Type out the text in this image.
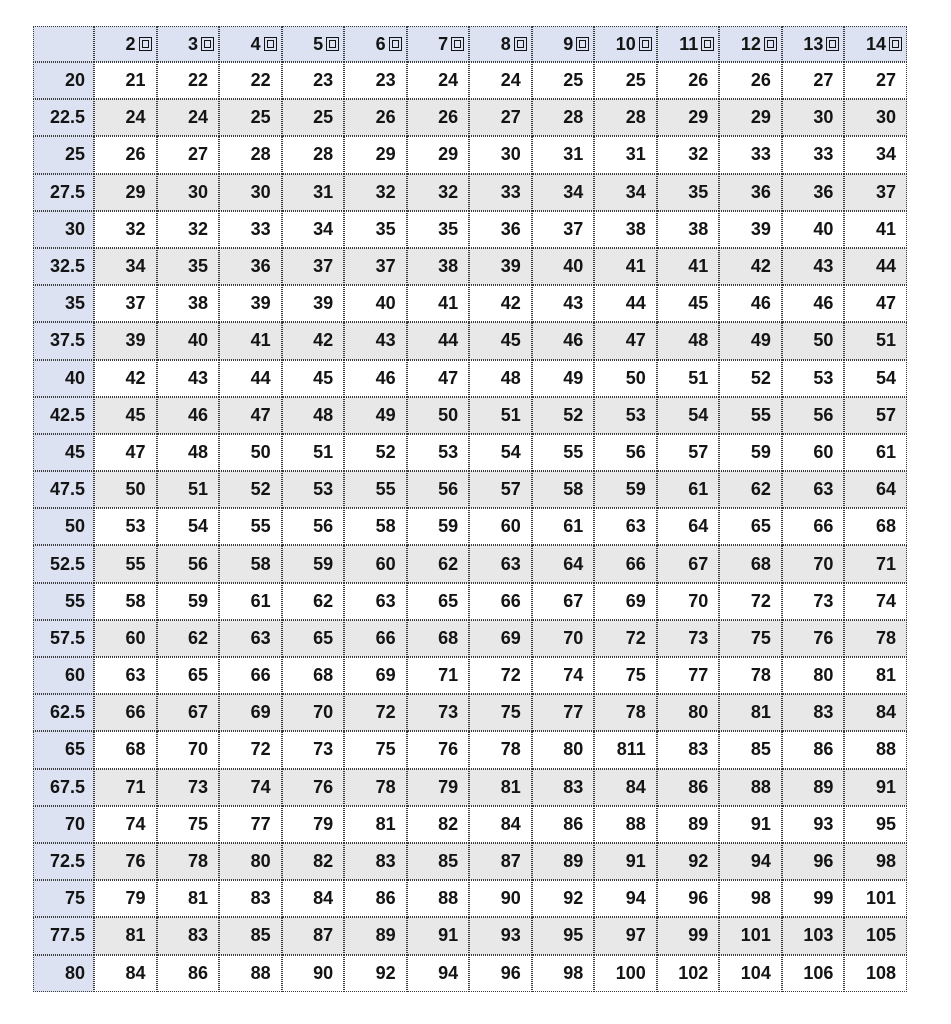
	2	3	4	5	6	7	8	9	10	11	12	13	14
20	21	22	22	23	23	24	24	25	25	26	26	27	27
22.5	24	24	25	25	26	26	27	28	28	29	29	30	30
25	26	27	28	28	29	29	30	31	31	32	33	33	34
27.5	29	30	30	31	32	32	33	34	34	35	36	36	37
30	32	32	33	34	35	35	36	37	38	38	39	40	41
32.5	34	35	36	37	37	38	39	40	41	41	42	43	44
35	37	38	39	39	40	41	42	43	44	45	46	46	47
37.5	39	40	41	42	43	44	45	46	47	48	49	50	51
40	42	43	44	45	46	47	48	49	50	51	52	53	54
42.5	45	46	47	48	49	50	51	52	53	54	55	56	57
45	47	48	50	51	52	53	54	55	56	57	59	60	61
47.5	50	51	52	53	55	56	57	58	59	61	62	63	64
50	53	54	55	56	58	59	60	61	63	64	65	66	68
52.5	55	56	58	59	60	62	63	64	66	67	68	70	71
55	58	59	61	62	63	65	66	67	69	70	72	73	74
57.5	60	62	63	65	66	68	69	70	72	73	75	76	78
60	63	65	66	68	69	71	72	74	75	77	78	80	81
62.5	66	67	69	70	72	73	75	77	78	80	81	83	84
65	68	70	72	73	75	76	78	80	811	83	85	86	88
67.5	71	73	74	76	78	79	81	83	84	86	88	89	91
70	74	75	77	79	81	82	84	86	88	89	91	93	95
72.5	76	78	80	82	83	85	87	89	91	92	94	96	98
75	79	81	83	84	86	88	90	92	94	96	98	99	101
77.5	81	83	85	87	89	91	93	95	97	99	101	103	105
80	84	86	88	90	92	94	96	98	100	102	104	106	108
